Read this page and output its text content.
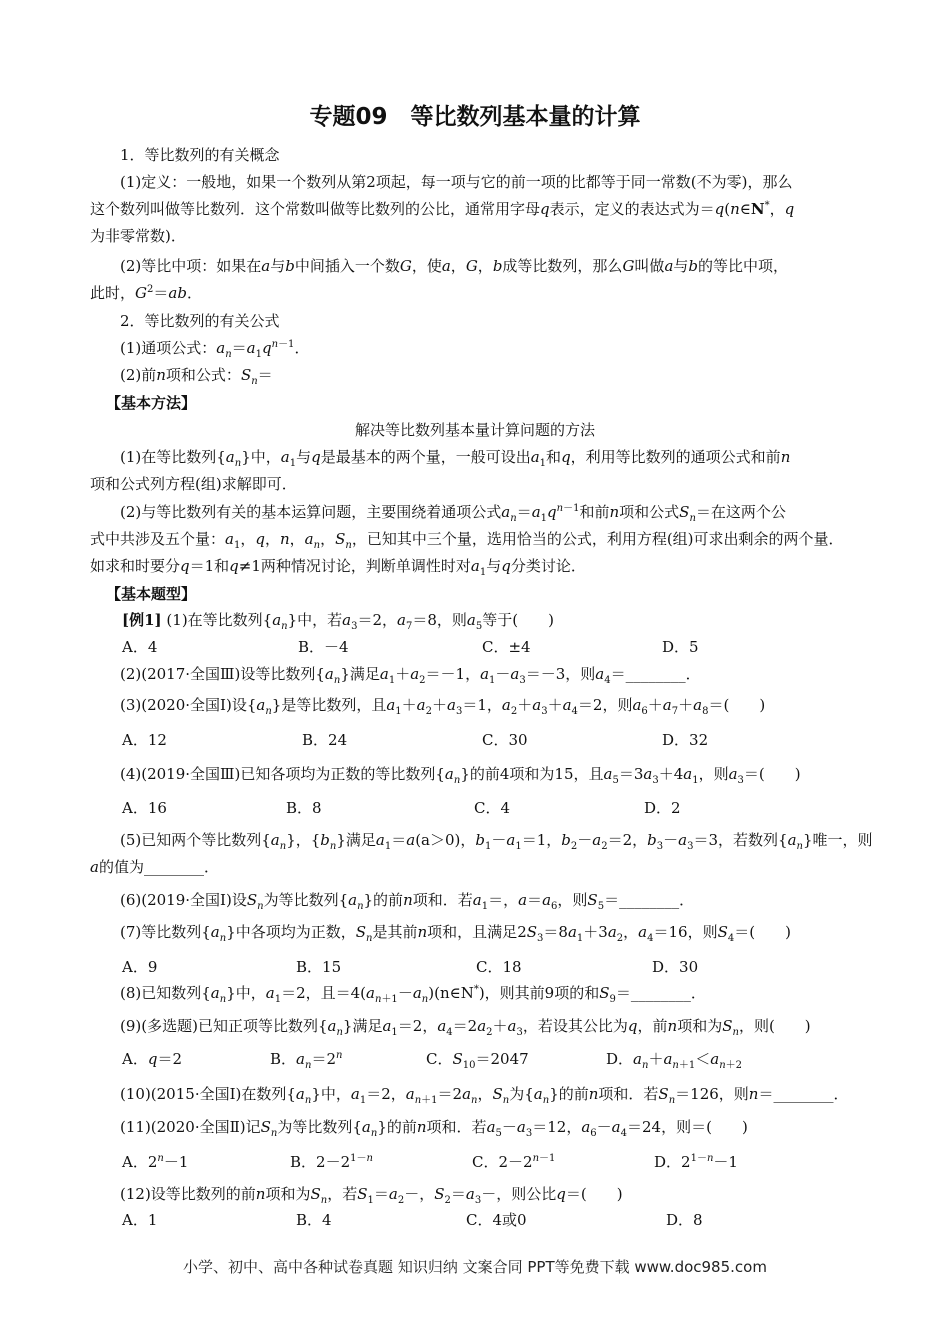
专题09　等比数列基本量的计算
1．等比数列的有关概念
(1)定义：一般地，如果一个数列从第2项起，每一项与它的前一项的比都等于同一常数(不为零)，那么
这个数列叫做等比数列．这个常数叫做等比数列的公比，通常用字母q表示，定义的表达式为＝q(n∈N*，q
为非零常数)．
(2)等比中项：如果在a与b中间插入一个数G，使a，G，b成等比数列，那么G叫做a与b的等比中项，
此时，$G^2=ab$．
2．等比数列的有关公式
(1)通项公式：$a_n=a_1q^{n-1}$．
(2)前n项和公式：$S_n=$
【基本方法】
解决等比数列基本量计算问题的方法
(1)在等比数列$\{a_n\}$中，$a_1$与q是最基本的两个量，一般可设出$a_1$和q，利用等比数列的通项公式和前n
项和公式列方程(组)求解即可．
(2)与等比数列有关的基本运算问题，主要围绕着通项公式$a_n=a_1q^{n-1}$和前n项和公式$S_n=$在这两个公
式中共涉及五个量：$a_1$，q，n，$a_n$，$S_n$，已知其中三个量，选用恰当的公式，利用方程(组)可求出剩余的两个量．
如求和时要分q＝1和q≠1两种情况讨论，判断单调性时对$a_1$与q分类讨论．
【基本题型】
[例1] (1)在等比数列$\{a_n\}$中，若$a_3=2$，$a_7=8$，则$a_5$等于(　　)
A．4	B．－4	C．±4	D．5
(2)(2017·全国Ⅲ)设等比数列$\{a_n\}$满足$a_1+a_2=-1$，$a_1-a_3=-3$，则$a_4=\_\_\_\_\_\_\_\_$．
(3)(2020·全国Ⅰ)设$\{a_n\}$是等比数列，且$a_1+a_2+a_3=1$，$a_2+a_3+a_4=2$，则$a_6+a_7+a_8=$(　　)
A．12	B．24	C．30	D．32
(4)(2019·全国Ⅲ)已知各项均为正数的等比数列$\{a_n\}$的前4项和为15，且$a_5=3a_3+4a_1$，则$a_3=$(　　)
A．16	B．8	C．4	D．2
(5)已知两个等比数列$\{a_n\}$，$\{b_n\}$满足$a_1=a(a>0)$，$b_1-a_1=1$，$b_2-a_2=2$，$b_3-a_3=3$，若数列$\{a_n\}$唯一，则
a的值为________．
(6)(2019·全国Ⅰ)设$S_n$为等比数列$\{a_n\}$的前n项和．若$a_1=$，$a=a_6$，则$S_5=\_\_\_\_\_\_\_\_$．
(7)等比数列$\{a_n\}$中各项均为正数，$S_n$是其前n项和，且满足$2S_3=8a_1+3a_2$，$a_4=16$，则$S_4=$(　　)
A．9	B．15	C．18	D．30
(8)已知数列$\{a_n\}$中，$a_1=2$，且$=4(a_{n+1}-a_n)(n\in N^*)$，则其前9项的和$S_9=\_\_\_\_\_\_\_\_$．
(9)(多选题)已知正项等比数列$\{a_n\}$满足$a_1=2$，$a_4=2a_2+a_3$，若设其公比为q，前n项和为$S_n$，则(　　)
A．q＝2	B．$a_n=2^n$	C．$S_{10}=2047$	D．$a_n+a_{n+1}<a_{n+2}$
(10)(2015·全国Ⅰ)在数列$\{a_n\}$中，$a_1=2$，$a_{n+1}=2a_n$，$S_n$为$\{a_n\}$的前n项和．若$S_n=126$，则n＝________．
(11)(2020·全国Ⅱ)记$S_n$为等比数列$\{a_n\}$的前n项和．若$a_5-a_3=12$，$a_6-a_4=24$，则＝(　　)
A．$2^n-1$	B．$2-2^{1-n}$	C．$2-2^{n-1}$	D．$2^{1-n}-1$
(12)设等比数列的前n项和为$S_n$，若$S_1=a_2-$，$S_2=a_3-$，则公比q＝(　　)
A．1	B．4	C．4或0	D．8
小学、初中、高中各种试卷真题 知识归纳 文案合同 PPT等免费下载 www.doc985.com
